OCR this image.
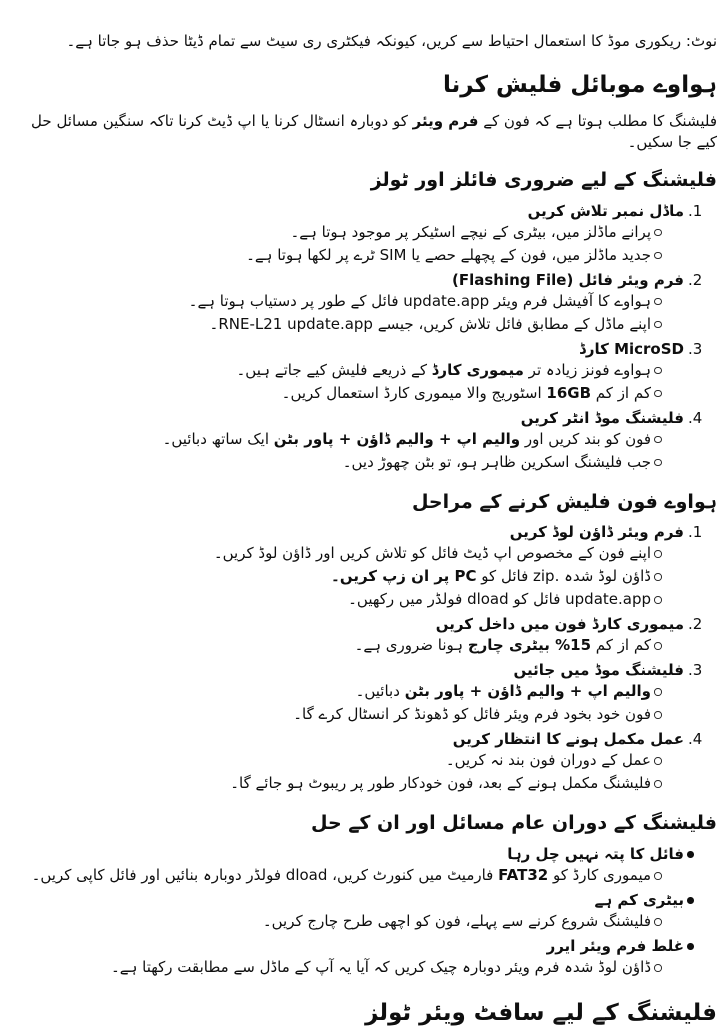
نوٹ: ریکوری موڈ کا استعمال احتیاط سے کریں، کیونکہ فیکٹری ری سیٹ سے تمام ڈیٹا حذف ہو جاتا ہے۔

ہواوے موبائل فلیش کرنا

فلیشنگ کا مطلب ہوتا ہے کہ فون کے فرم ویئر کو دوبارہ انسٹال کرنا یا اپ ڈیٹ کرنا تاکہ سنگین مسائل حل کیے جا سکیں۔

فلیشنگ کے لیے ضروری فائلز اور ٹولز
.1
ماڈل نمبر تلاش کریں
پرانے ماڈلز میں، بیٹری کے نیچے اسٹیکر پر موجود ہوتا ہے۔
جدید ماڈلز میں، فون کے پچھلے حصے یا SIM ٹرے پر لکھا ہوتا ہے۔
.2
فرم ویئر فائل (Flashing File)
ہواوے کا آفیشل فرم ویئر update.app فائل کے طور پر دستیاب ہوتا ہے۔
اپنے ماڈل کے مطابق فائل تلاش کریں، جیسے RNE-L21 update.app۔
.3
MicroSD کارڈ
ہواوے فونز زیادہ تر میموری کارڈ کے ذریعے فلیش کیے جاتے ہیں۔
کم از کم 16GB اسٹوریج والا میموری کارڈ استعمال کریں۔
.4
فلیشنگ موڈ انٹر کریں
فون کو بند کریں اور والیم اپ + والیم ڈاؤن + پاور بٹن ایک ساتھ دبائیں۔
جب فلیشنگ اسکرین ظاہر ہو، تو بٹن چھوڑ دیں۔
ہواوے فون فلیش کرنے کے مراحل
.1
فرم ویئر ڈاؤن لوڈ کریں
اپنے فون کے مخصوص اپ ڈیٹ فائل کو تلاش کریں اور ڈاؤن لوڈ کریں۔
ڈاؤن لوڈ شدہ .zip فائل کو PC پر ان زپ کریں۔
update.app فائل کو dload فولڈر میں رکھیں۔
.2
میموری کارڈ فون میں داخل کریں
کم از کم 15% بیٹری چارج ہونا ضروری ہے۔
.3
فلیشنگ موڈ میں جائیں
والیم اپ + والیم ڈاؤن + پاور بٹن دبائیں۔
فون خود بخود فرم ویئر فائل کو ڈھونڈ کر انسٹال کرے گا۔
.4
عمل مکمل ہونے کا انتظار کریں
عمل کے دوران فون بند نہ کریں۔
فلیشنگ مکمل ہونے کے بعد، فون خودکار طور پر ریبوٹ ہو جائے گا۔
فلیشنگ کے دوران عام مسائل اور ان کے حل
فائل کا پتہ نہیں چل رہا
میموری کارڈ کو FAT32 فارمیٹ میں کنورٹ کریں، dload فولڈر دوبارہ بنائیں اور فائل کاپی کریں۔
بیٹری کم ہے
فلیشنگ شروع کرنے سے پہلے، فون کو اچھی طرح چارج کریں۔
غلط فرم ویئر ایرر
ڈاؤن لوڈ شدہ فرم ویئر دوبارہ چیک کریں کہ آیا یہ آپ کے ماڈل سے مطابقت رکھتا ہے۔
فلیشنگ کے لیے سافٹ ویئر ٹولز
